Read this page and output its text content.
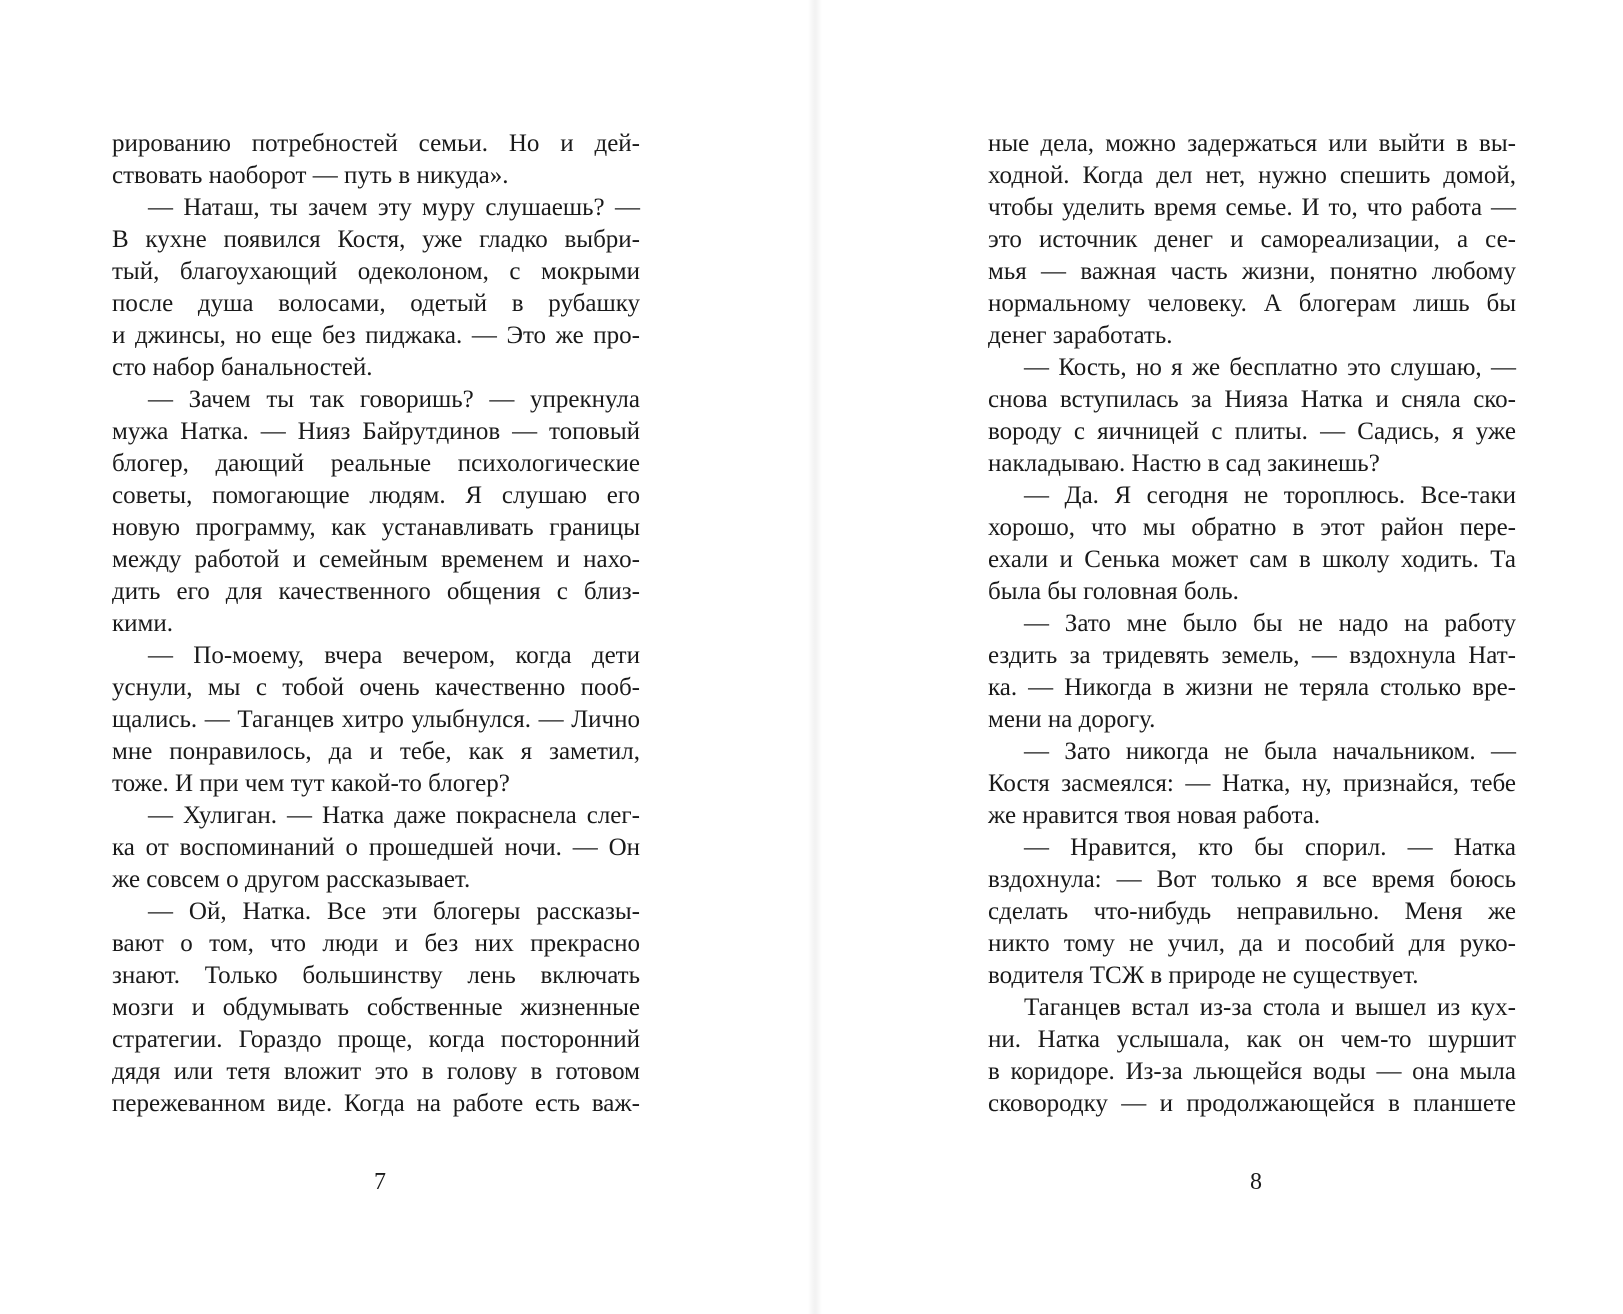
рированию потребностей семьи. Но и дей-
ствовать наоборот — путь в никуда».
— Наташ, ты зачем эту муру слушаешь? —
В кухне появился Костя, уже гладко выбри-
тый, благоухающий одеколоном, с мокрыми
после душа волосами, одетый в рубашку
и джинсы, но еще без пиджака. — Это же про-
сто набор банальностей.
— Зачем ты так говоришь? — упрекнула
мужа Натка. — Нияз Байрутдинов — топовый
блогер, дающий реальные психологические
советы, помогающие людям. Я слушаю его
новую программу, как устанавливать границы
между работой и семейным временем и нахо-
дить его для качественного общения с близ-
кими.
— По-моему, вчера вечером, когда дети
уснули, мы с тобой очень качественно пооб-
щались. — Таганцев хитро улыбнулся. — Лично
мне понравилось, да и тебе, как я заметил,
тоже. И при чем тут какой-то блогер?
— Хулиган. — Натка даже покраснела слег-
ка от воспоминаний о прошедшей ночи. — Он
же совсем о другом рассказывает.
— Ой, Натка. Все эти блогеры рассказы-
вают о том, что люди и без них прекрасно
знают. Только большинству лень включать
мозги и обдумывать собственные жизненные
стратегии. Гораздо проще, когда посторонний
дядя или тетя вложит это в голову в готовом
пережеванном виде. Когда на работе есть важ-
7
ные дела, можно задержаться или выйти в вы-
ходной. Когда дел нет, нужно спешить домой,
чтобы уделить время семье. И то, что работа —
это источник денег и самореализации, а се-
мья — важная часть жизни, понятно любому
нормальному человеку. А блогерам лишь бы
денег заработать.
— Кость, но я же бесплатно это слушаю, —
снова вступилась за Нияза Натка и сняла ско-
вороду с яичницей с плиты. — Садись, я уже
накладываю. Настю в сад закинешь?
— Да. Я сегодня не тороплюсь. Все-таки
хорошо, что мы обратно в этот район пере-
ехали и Сенька может сам в школу ходить. Та
была бы головная боль.
— Зато мне было бы не надо на работу
ездить за тридевять земель, — вздохнула Нат-
ка. — Никогда в жизни не теряла столько вре-
мени на дорогу.
— Зато никогда не была начальником. —
Костя засмеялся: — Натка, ну, признайся, тебе
же нравится твоя новая работа.
— Нравится, кто бы спорил. — Натка
вздохнула: — Вот только я все время боюсь
сделать что-нибудь неправильно. Меня же
никто тому не учил, да и пособий для руко-
водителя ТСЖ в природе не существует.
Таганцев встал из-за стола и вышел из кух-
ни. Натка услышала, как он чем-то шуршит
в коридоре. Из-за льющейся воды — она мыла
сковородку — и продолжающейся в планшете
8
